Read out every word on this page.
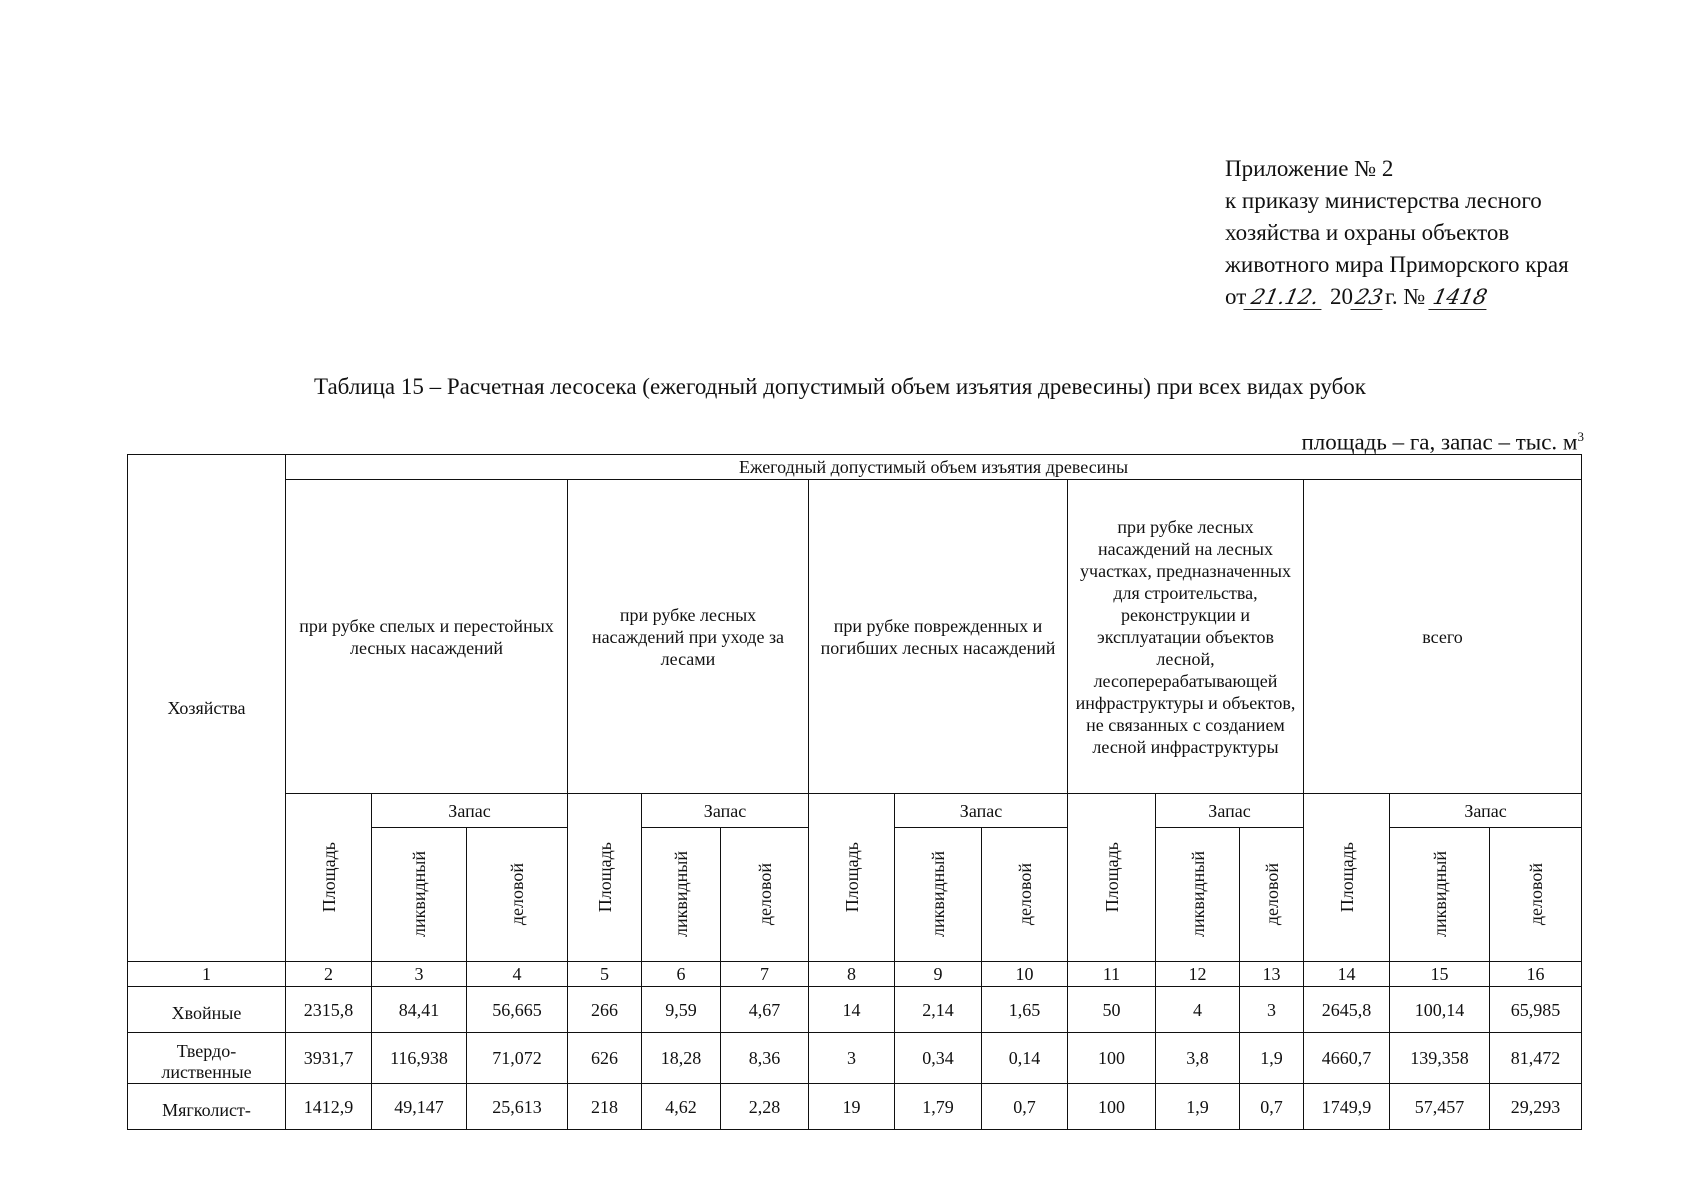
Приложение № 2
к приказу министерства лесного
хозяйства и охраны объектов
животного мира Приморского края
от 21.12. 2023г. № 1418
Таблица 15 – Расчетная лесосека (ежегодный допустимый объем изъятия древесины) при всех видах рубок
площадь – га, запас – тыс. $м^3$
Хозяйства	Ежегодный допустимый объем изъятия древесины														
	при рубке спелых и перестойных лесных насаждений			при рубке лесных насаждений при уходе за лесами			при рубке поврежденных и погибших лесных насаждений			при рубке лесных насаждений на лесных участках, предназначенных для строительства, реконструкции и эксплуатации объектов лесной, лесоперерабатывающей инфраструктуры и объектов, не связанных с созданием лесной инфраструктуры			всего		

	Площадь	Запас		Площадь	Запас		Площадь	Запас		Площадь	Запас		Площадь	Запас	

		ликвидный	деловой		ликвидный	деловой		ликвидный	деловой		ликвидный	деловой		ликвидный	деловой

1	2	3	4	5	6	7	8	9	10	11	12	13	14	15	16
Хвойные	2315,8	84,41	56,665	266	9,59	4,67	14	2,14	1,65	50	4	3	2645,8	100,14	65,985
Твердо-лиственные	3931,7	116,938	71,072	626	18,28	8,36	3	0,34	0,14	100	3,8	1,9	4660,7	139,358	81,472
Мягколист-	1412,9	49,147	25,613	218	4,62	2,28	19	1,79	0,7	100	1,9	0,7	1749,9	57,457	29,293
